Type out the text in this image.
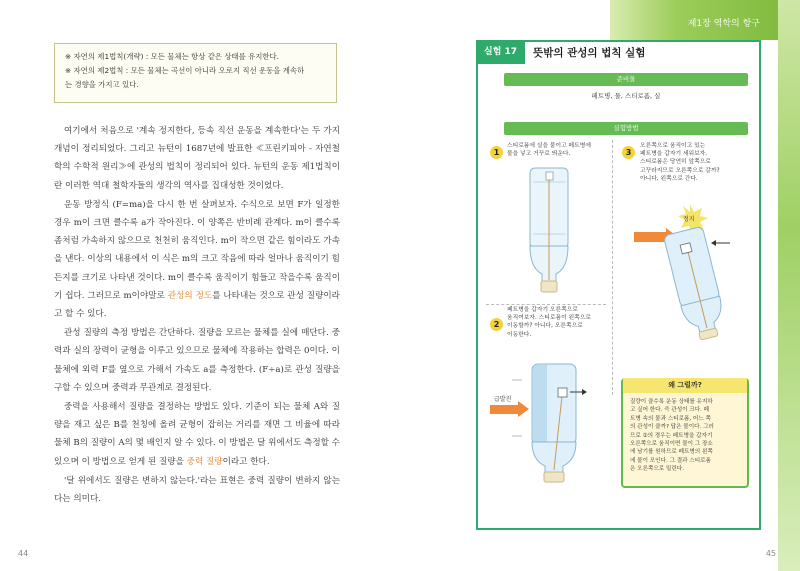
제1장 역학의 항구
※ 자연의 제1법칙(개략) : 모든 물체는 항상 같은 상태를 유지한다.
※ 자연의 제2법칙 : 모든 물체는 곡선이 아니라 오로지 직선 운동을 계속하
는 경향을 가지고 있다.

여기에서 처음으로 '계속 정지한다, 등속 직선 운동을 계속한다'는 두 가지 개념이 정리되었다. 그리고 뉴턴이 1687년에 발표한 ≪프린키피아 - 자연철학의 수학적 원리≫에 관성의 법칙이 정리되어 있다. 뉴턴의 운동 제1법칙이란 이러한 역대 철학자들의 생각의 역사를 집대성한 것이었다.

운동 방정식 (F=ma)을 다시 한 번 살펴보자. 수식으로 보면 F가 일정한 경우 m이 크면 클수록 a가 작아진다. 이 양쪽은 반비례 관계다. m이 클수록 좀처럼 가속하지 않으므로 천천히 움직인다. m이 작으면 같은 힘이라도 가속을 낸다. 이상의 내용에서 이 식은 m의 크고 작음에 따라 얼마나 움직이기 힘든지를 크기로 나타낸 것이다. m이 클수록 움직이기 힘들고 작을수록 움직이기 쉽다. 그러므로 m이야말로 관성의 정도를 나타내는 것으로 관성 질량이라고 할 수 있다.

관성 질량의 측정 방법은 간단하다. 질량을 모르는 물체를 실에 매단다. 중력과 실의 장력이 균형을 이루고 있으므로 물체에 작용하는 합력은 0이다. 이 물체에 외력 F를 옆으로 가해서 가속도 a를 측정한다. (F÷a)로 관성 질량을 구할 수 있으며 중력과 무관계로 결정된다.

중력을 사용해서 질량을 결정하는 방법도 있다. 기준이 되는 물체 A와 질량을 재고 싶은 B를 천칭에 올려 균형이 잡히는 거리를 재면 그 비율에 따라 물체 B의 질량이 A의 몇 배인지 알 수 있다. 이 방법은 달 위에서도 측정할 수 있으며 이 방법으로 얻게 된 질량을 중력 질량이라고 한다.

'달 위에서도 질량은 변하지 않는다.'라는 표현은 중력 질량이 변하지 않는다는 의미다.

44	45
실험 17	뜻밖의 관성의 법칙 실험
준비물
페트병, 물, 스티로폼, 실
실험방법
1
스티로폼에 실을 붙이고 페트병에
물을 넣고 거꾸로 띄운다.	3
오른쪽으로 움직이고 있는
페트병을 갑자기 세워보자.
스티로폼은 당연히 앞쪽으로
고꾸라지므로 오른쪽으로 갈까?
아니다, 왼쪽으로 간다.
2
페트병을 갑자기 오른쪽으로
움직여보자. 스티로폼이 왼쪽으로
이동할까? 아니다, 오른쪽으로
이동한다.
정지
급발진
왜 그럴까?
질량이 클수록 운동 상태를 유지하
고 싶어 한다. 즉 관성이 크다. 페
트병 속의 물과 스티로폼, 어느 쪽
의 관성이 클까? 답은 물이다. 그러
므로 ②의 경우는 페트병을 갑자기
오른쪽으로 움직이면 물이 그 장소
에 남기를 원하므로 페트병의 왼쪽
에 물이 모인다. 그 결과 스티로폼
은 오른쪽으로 밀린다.
